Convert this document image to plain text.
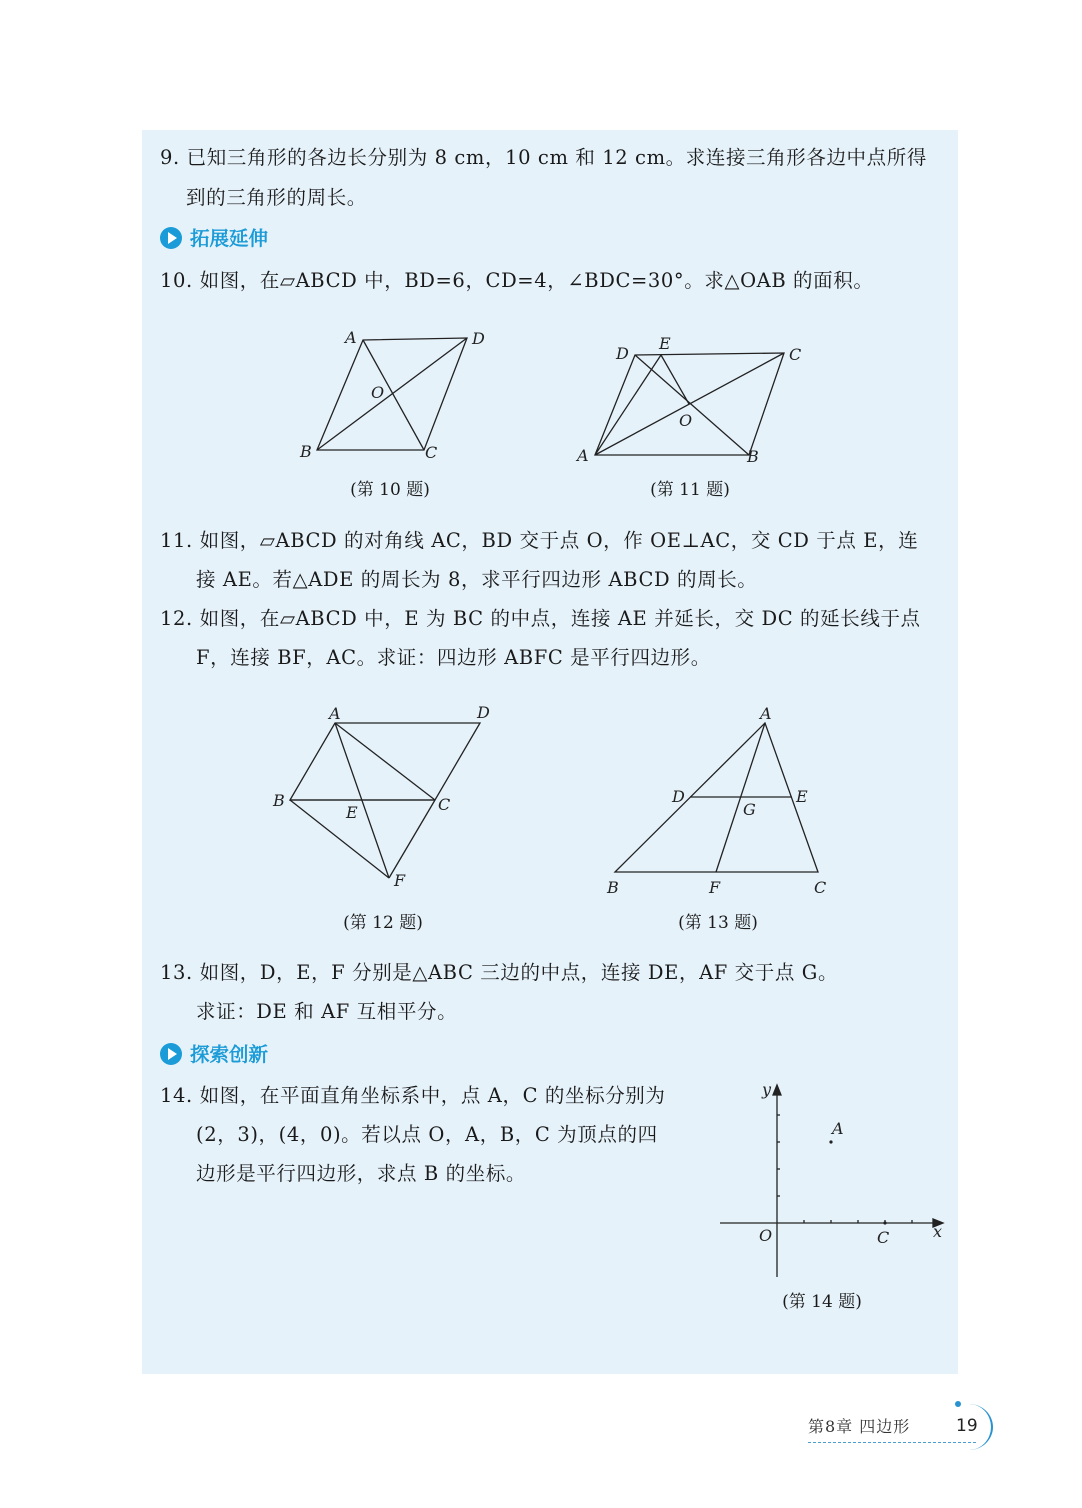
9. 已知三角形的各边长分别为 8 cm，10 cm 和 12 cm。求连接三角形各边中点所得
到的三角形的周长。
拓展延伸
10. 如图，在▱ABCD 中，BD=6，CD=4，∠BDC=30°。求△OAB 的面积。
A	D
O
B	C
(第 10 题)
D
E
C
O
A	B
(第 11 题)
11. 如图，▱ABCD 的对角线 AC，BD 交于点 O，作 OE⊥AC，交 CD 于点 E，连
接 AE。若△ADE 的周长为 8，求平行四边形 ABCD 的周长。
12. 如图，在▱ABCD 中，E 为 BC 的中点，连接 AE 并延长，交 DC 的延长线于点
F，连接 BF，AC。求证：四边形 ABFC 是平行四边形。
A	D
B
E	C
F
(第 12 题)
A
D
G
E
B	F	C
(第 13 题)
13. 如图，D，E，F 分别是△ABC 三边的中点，连接 DE，AF 交于点 G。
求证：DE 和 AF 互相平分。
探索创新
14. 如图，在平面直角坐标系中，点 A，C 的坐标分别为
(2，3)，(4，0)。若以点 O，A，B，C 为顶点的四
边形是平行四边形，求点 B 的坐标。
y
A
O	C	x
(第 14 题)
第8章 四边形	19
